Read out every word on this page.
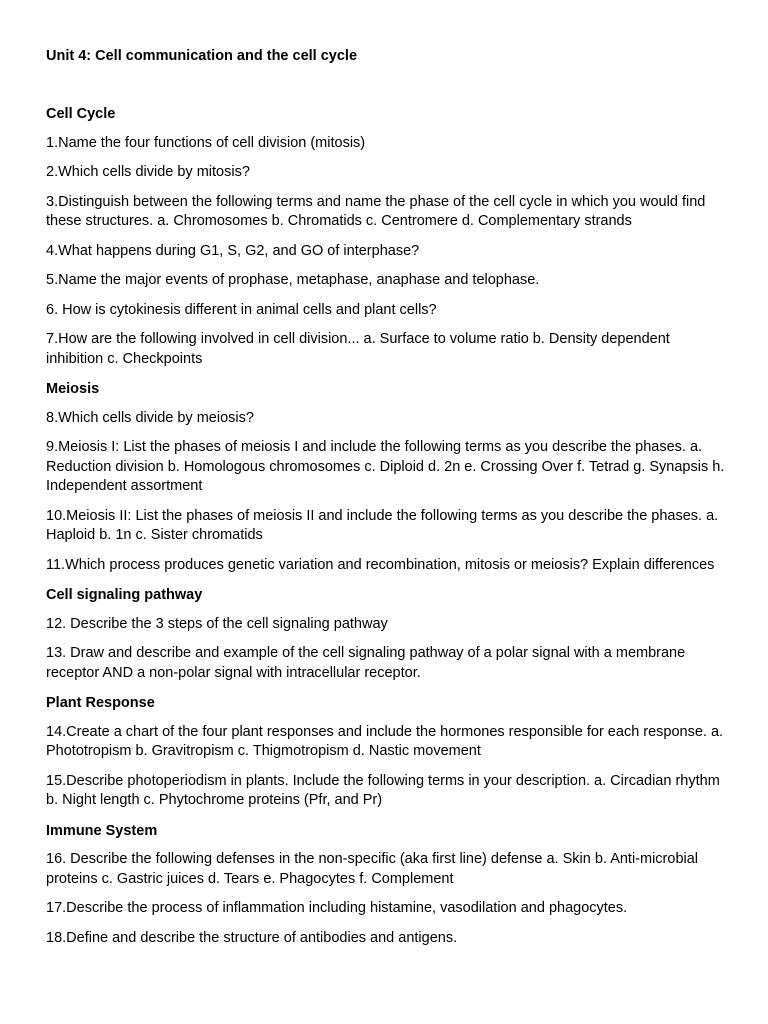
Unit 4: Cell communication and the cell cycle
Cell Cycle
1.Name the four functions of cell division (mitosis)
2.Which cells divide by mitosis?
3.Distinguish between the following terms and name the phase of the cell cycle in which you would find these structures. a. Chromosomes b. Chromatids c. Centromere d. Complementary strands
4.What happens during G1, S, G2, and GO of interphase?
5.Name the major events of prophase, metaphase, anaphase and telophase.
6. How is cytokinesis different in animal cells and plant cells?
7.How are the following involved in cell division... a. Surface to volume ratio b. Density dependent inhibition c. Checkpoints
Meiosis
8.Which cells divide by meiosis?
9.Meiosis I: List the phases of meiosis I and include the following terms as you describe the phases. a. Reduction division b. Homologous chromosomes c. Diploid d. 2n e. Crossing Over f. Tetrad g. Synapsis h. Independent assortment
10.Meiosis II: List the phases of meiosis II and include the following terms as you describe the phases. a. Haploid b. 1n c. Sister chromatids
11.Which process produces genetic variation and recombination, mitosis or meiosis? Explain differences
Cell signaling pathway
12. Describe the 3 steps of the cell signaling pathway
13. Draw and describe and example of the cell signaling pathway of a polar signal with a membrane receptor AND a non-polar signal with intracellular receptor.
Plant Response
14.Create a chart of the four plant responses and include the hormones responsible for each response. a. Phototropism b. Gravitropism c. Thigmotropism d. Nastic movement
15.Describe photoperiodism in plants. Include the following terms in your description. a. Circadian rhythm b. Night length c. Phytochrome proteins (Pfr, and Pr)
Immune System
16. Describe the following defenses in the non-specific (aka first line) defense a. Skin b. Anti-microbial proteins c. Gastric juices d. Tears e. Phagocytes f. Complement
17.Describe the process of inflammation including histamine, vasodilation and phagocytes.
18.Define and describe the structure of antibodies and antigens.
